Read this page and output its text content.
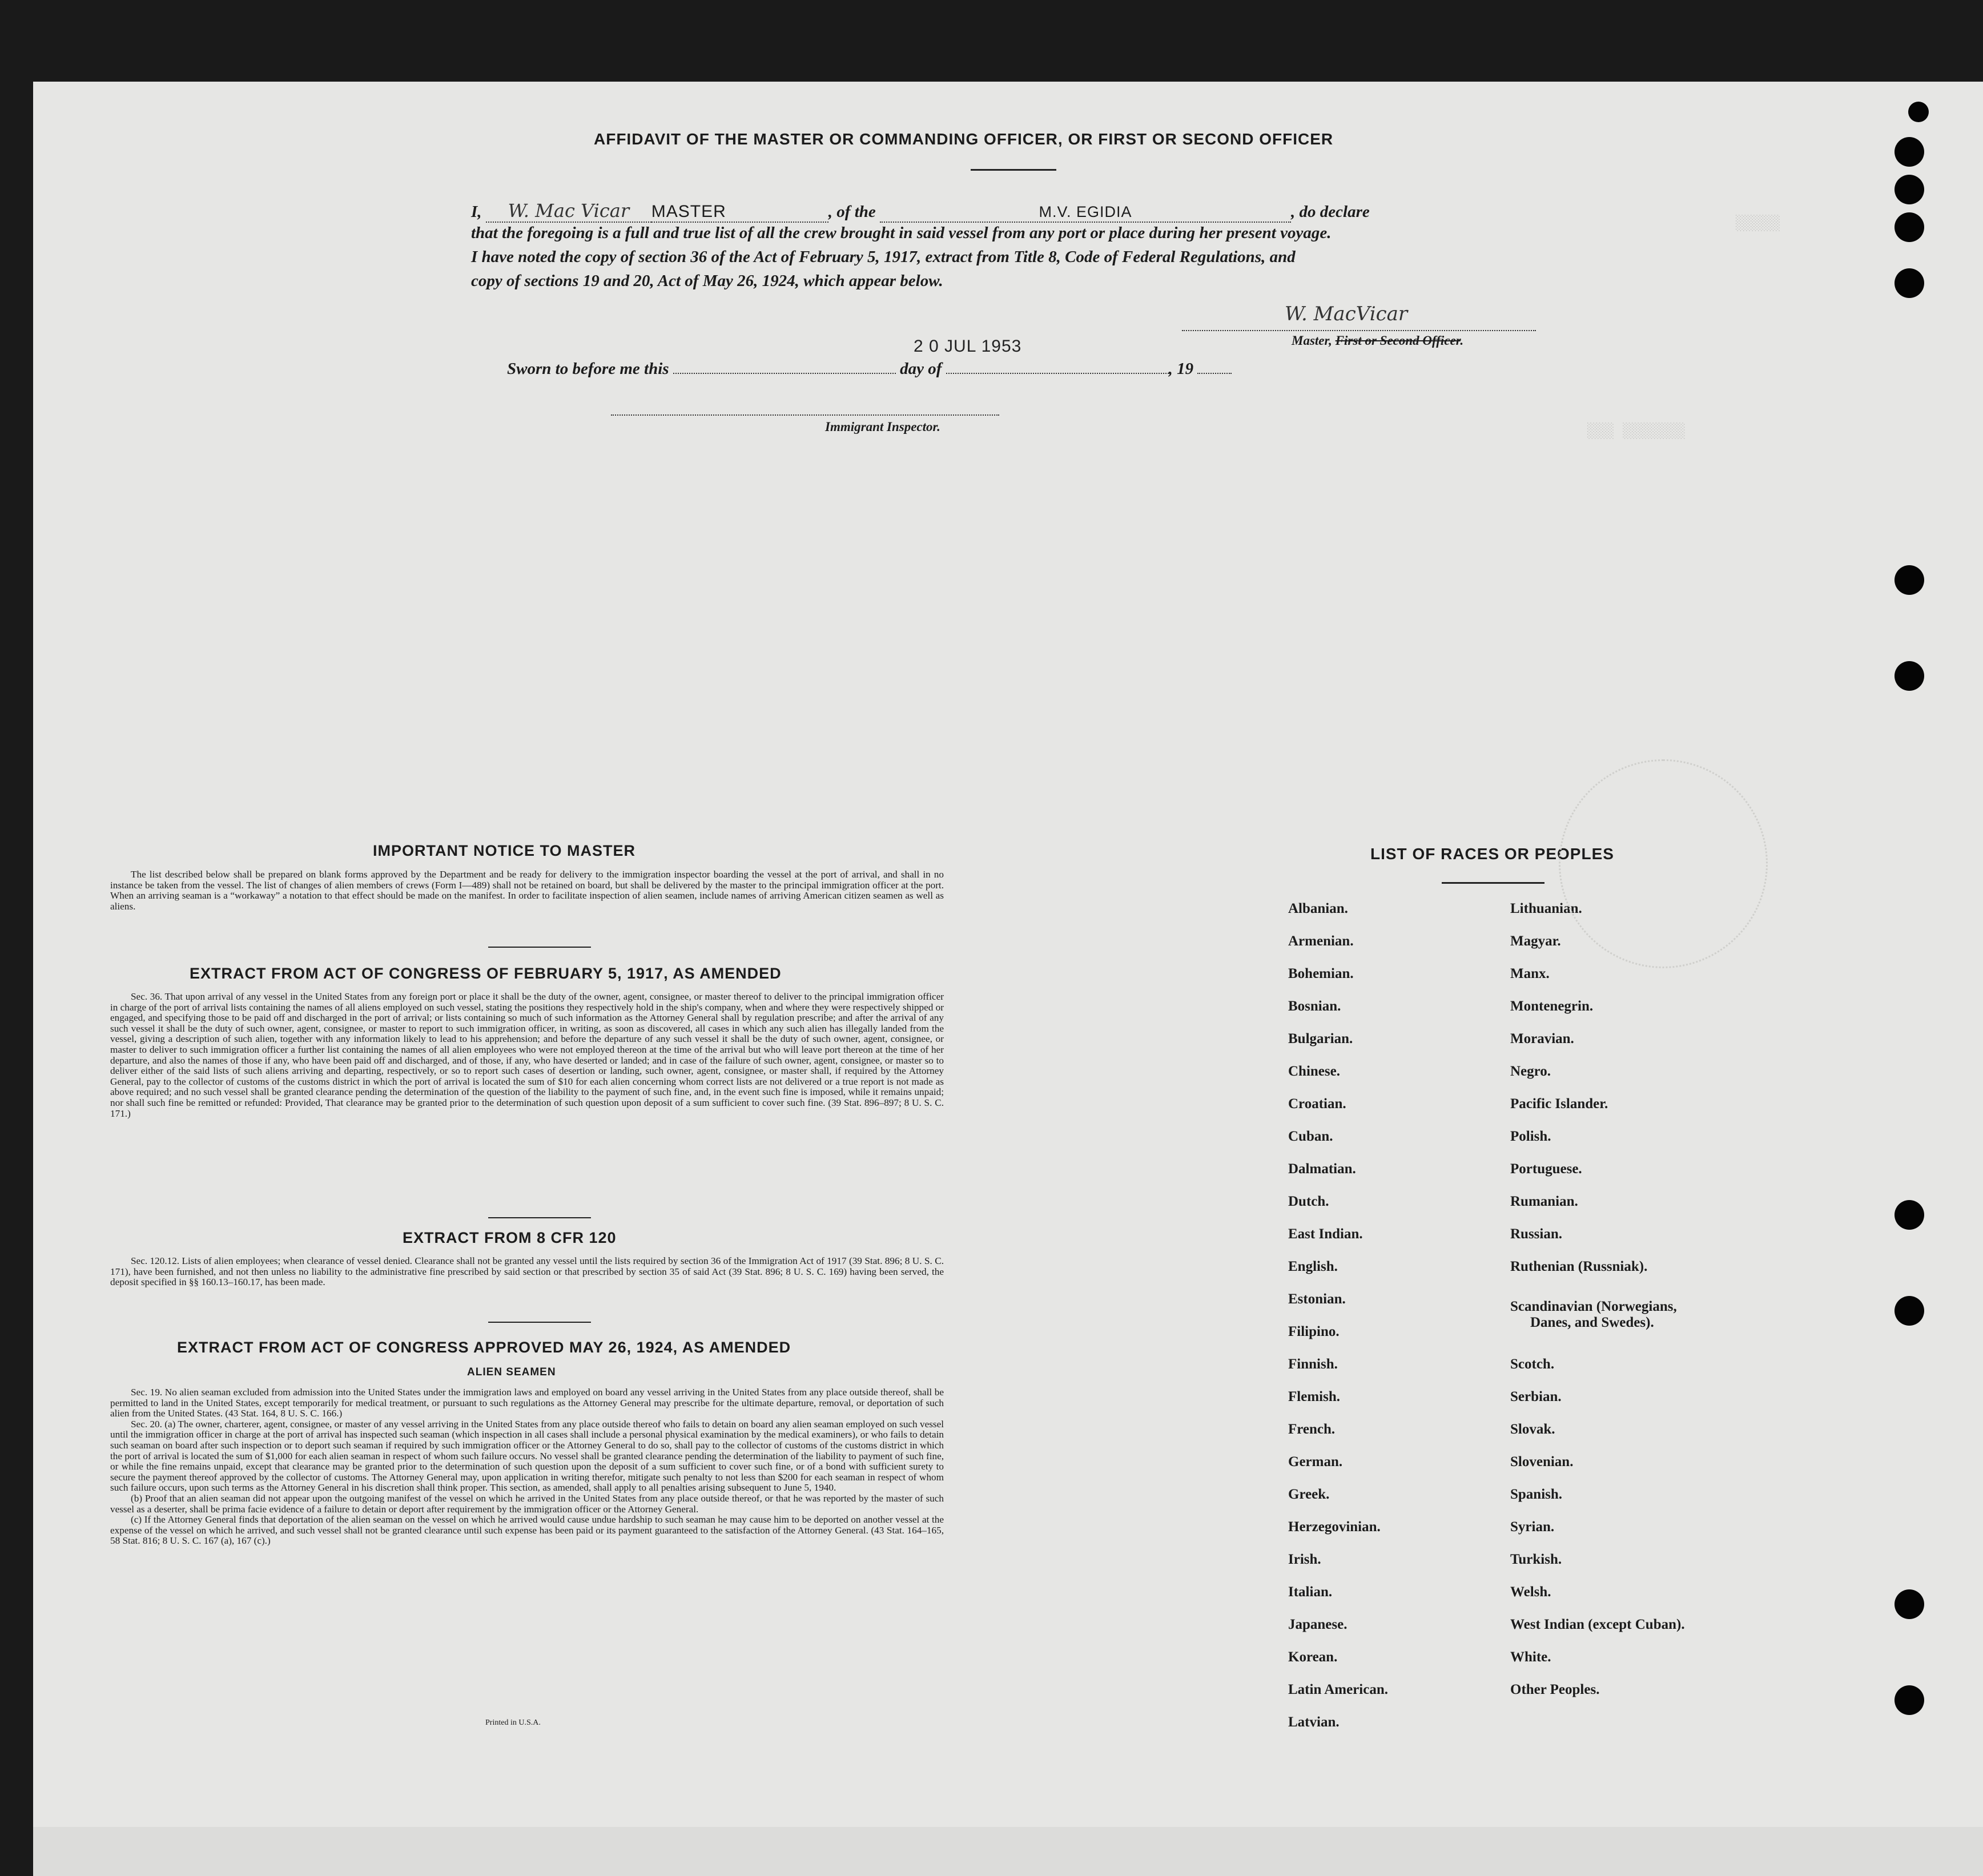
░░░ ░░░░░░░
░░░░░
AFFIDAVIT OF THE MASTER OR COMMANDING OFFICER, OR FIRST OR SECOND OFFICER
I, W. Mac Vicar MASTER	, of the	M.V. EGIDIA	, do declare
that the foregoing is a full and true list of all the crew brought in said vessel from any port or place during her present voyage.
I have noted the copy of section 36 of the Act of February 5, 1917, extract from Title 8, Code of Federal Regulations, and
copy of sections 19 and 20, Act of May 26, 1924, which appear below.
W. MacVicar
Master, First or Second Officer.
2 0 JUL 1953
Sworn to before me this	day of	, 19
Immigrant Inspector.
IMPORTANT NOTICE TO MASTER

The list described below shall be prepared on blank forms approved by the Department and be ready for delivery to the immigration inspector boarding the vessel at the port of arrival, and shall in no instance be taken from the vessel. The list of changes of alien members of crews (Form I—489) shall not be retained on board, but shall be delivered by the master to the principal immigration officer at the port. When an arriving seaman is a “workaway” a notation to that effect should be made on the manifest. In order to facilitate inspection of alien seamen, include names of arriving American citizen seamen as well as aliens.

EXTRACT FROM ACT OF CONGRESS OF FEBRUARY 5, 1917, AS AMENDED

Sec. 36. That upon arrival of any vessel in the United States from any foreign port or place it shall be the duty of the owner, agent, consignee, or master thereof to deliver to the principal immigration officer in charge of the port of arrival lists containing the names of all aliens employed on such vessel, stating the positions they respectively hold in the ship's company, when and where they were respectively shipped or engaged, and specifying those to be paid off and discharged in the port of arrival; or lists containing so much of such information as the Attorney General shall by regulation prescribe; and after the arrival of any such vessel it shall be the duty of such owner, agent, consignee, or master to report to such immigration officer, in writing, as soon as discovered, all cases in which any such alien has illegally landed from the vessel, giving a description of such alien, together with any information likely to lead to his apprehension; and before the departure of any such vessel it shall be the duty of such owner, agent, consignee, or master to deliver to such immigration officer a further list containing the names of all alien employees who were not employed thereon at the time of the arrival but who will leave port thereon at the time of her departure, and also the names of those if any, who have been paid off and discharged, and of those, if any, who have deserted or landed; and in case of the failure of such owner, agent, consignee, or master so to deliver either of the said lists of such aliens arriving and departing, respectively, or so to report such cases of desertion or landing, such owner, agent, consignee, or master shall, if required by the Attorney General, pay to the collector of customs of the customs district in which the port of arrival is located the sum of $10 for each alien concerning whom correct lists are not delivered or a true report is not made as above required; and no such vessel shall be granted clearance pending the determination of the question of the liability to the payment of such fine, and, in the event such fine is imposed, while it remains unpaid; nor shall such fine be remitted or refunded: Provided, That clearance may be granted prior to the determination of such question upon deposit of a sum sufficient to cover such fine. (39 Stat. 896–897; 8 U. S. C. 171.)

EXTRACT FROM 8 CFR 120

Sec. 120.12. Lists of alien employees; when clearance of vessel denied. Clearance shall not be granted any vessel until the lists required by section 36 of the Immigration Act of 1917 (39 Stat. 896; 8 U. S. C. 171), have been furnished, and not then unless no liability to the administrative fine prescribed by said section or that prescribed by section 35 of said Act (39 Stat. 896; 8 U. S. C. 169) having been served, the deposit specified in §§ 160.13–160.17, has been made.

EXTRACT FROM ACT OF CONGRESS APPROVED MAY 26, 1924, AS AMENDED
ALIEN SEAMEN

Sec. 19. No alien seaman excluded from admission into the United States under the immigration laws and employed on board any vessel arriving in the United States from any place outside thereof, shall be permitted to land in the United States, except temporarily for medical treatment, or pursuant to such regulations as the Attorney General may prescribe for the ultimate departure, removal, or deportation of such alien from the United States. (43 Stat. 164, 8 U. S. C. 166.)

Sec. 20. (a) The owner, charterer, agent, consignee, or master of any vessel arriving in the United States from any place outside thereof who fails to detain on board any alien seaman employed on such vessel until the immigration officer in charge at the port of arrival has inspected such seaman (which inspection in all cases shall include a personal physical examination by the medical examiners), or who fails to detain such seaman on board after such inspection or to deport such seaman if required by such immigration officer or the Attorney General to do so, shall pay to the collector of customs of the customs district in which the port of arrival is located the sum of $1,000 for each alien seaman in respect of whom such failure occurs. No vessel shall be granted clearance pending the determination of the liability to payment of such fine, or while the fine remains unpaid, except that clearance may be granted prior to the determination of such question upon the deposit of a sum sufficient to cover such fine, or of a bond with sufficient surety to secure the payment thereof approved by the collector of customs. The Attorney General may, upon application in writing therefor, mitigate such penalty to not less than $200 for each seaman in respect of whom such failure occurs, upon such terms as the Attorney General in his discretion shall think proper. This section, as amended, shall apply to all penalties arising subsequent to June 5, 1940.

(b) Proof that an alien seaman did not appear upon the outgoing manifest of the vessel on which he arrived in the United States from any place outside thereof, or that he was reported by the master of such vessel as a deserter, shall be prima facie evidence of a failure to detain or deport after requirement by the immigration officer or the Attorney General.

(c) If the Attorney General finds that deportation of the alien seaman on the vessel on which he arrived would cause undue hardship to such seaman he may cause him to be deported on another vessel at the expense of the vessel on which he arrived, and such vessel shall not be granted clearance until such expense has been paid or its payment guaranteed to the satisfaction of the Attorney General. (43 Stat. 164–165, 58 Stat. 816; 8 U. S. C. 167 (a), 167 (c).)

Printed in U.S.A.
LIST OF RACES OR PEOPLES
Albanian.
Armenian.
Bohemian.
Bosnian.
Bulgarian.
Chinese.
Croatian.
Cuban.
Dalmatian.
Dutch.
East Indian.
English.
Estonian.
Filipino.
Finnish.
Flemish.
French.
German.
Greek.
Herzegovinian.
Irish.
Italian.
Japanese.
Korean.
Latin American.
Latvian.
Lithuanian.
Magyar.
Manx.
Montenegrin.
Moravian.
Negro.
Pacific Islander.
Polish.
Portuguese.
Rumanian.
Russian.
Ruthenian (Russniak).
Scandinavian (Norwegians,
Danes, and Swedes).
Scotch.
Serbian.
Slovak.
Slovenian.
Spanish.
Syrian.
Turkish.
Welsh.
West Indian (except Cuban).
White.
Other Peoples.
